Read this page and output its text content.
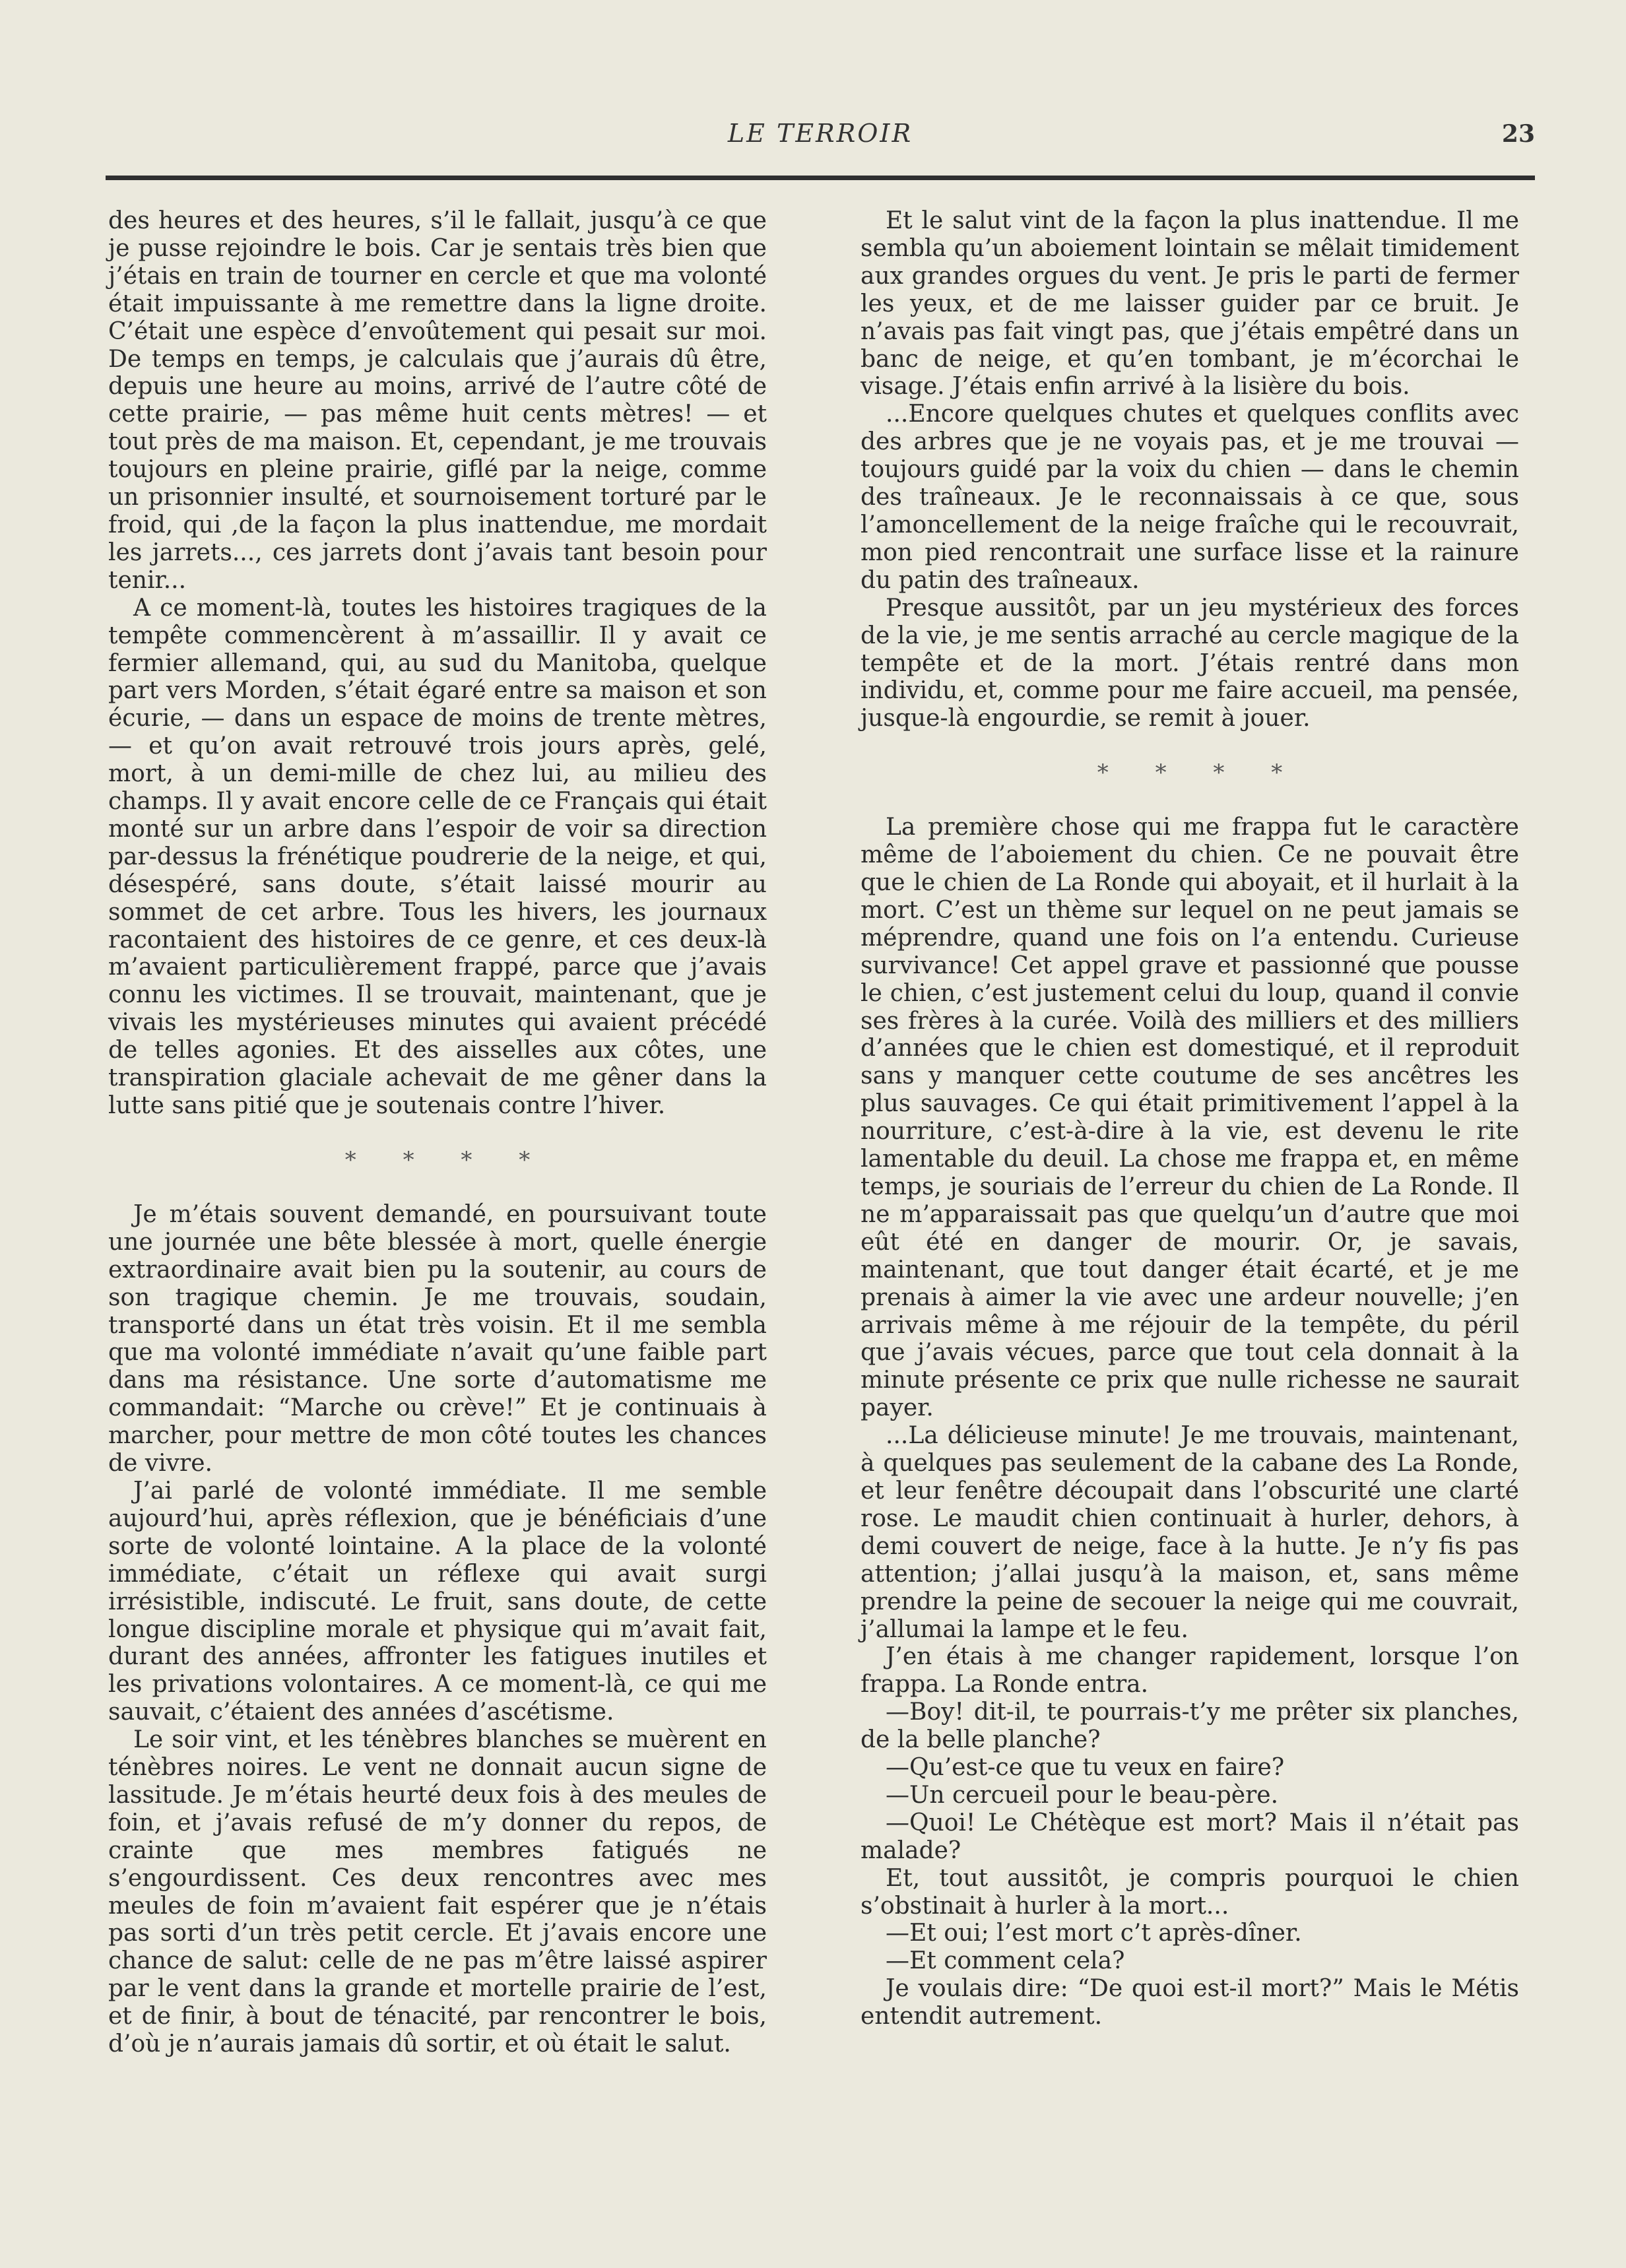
LE TERROIR	23

des heures et des heures, s’il le fallait, jusqu’à ce que je pusse rejoindre le bois. Car je sentais très bien que j’étais en train de tourner en cercle et que ma volonté était impuissante à me remettre dans la ligne droite. C’était une espèce d’envoûtement qui pesait sur moi. De temps en temps, je calculais que j’aurais dû être, depuis une heure au moins, arrivé de l’autre côté de cette prairie, — pas même huit cents mètres! — et tout près de ma maison. Et, cependant, je me trouvais toujours en pleine prairie, giflé par la neige, comme un prisonnier insulté, et sournoisement torturé par le froid, qui ,de la façon la plus inattendue, me mordait les jarrets..., ces jarrets dont j’avais tant besoin pour tenir...

A ce moment-là, toutes les histoires tragiques de la tempête commencèrent à m’assaillir. Il y avait ce fermier allemand, qui, au sud du Manitoba, quelque part vers Morden, s’était égaré entre sa maison et son écurie, — dans un espace de moins de trente mètres, — et qu’on avait retrouvé trois jours après, gelé, mort, à un demi-mille de chez lui, au milieu des champs. Il y avait encore celle de ce Français qui était monté sur un arbre dans l’espoir de voir sa direction par-dessus la frénétique poudrerie de la neige, et qui, désespéré, sans doute, s’était laissé mourir au sommet de cet arbre. Tous les hivers, les journaux racontaient des histoires de ce genre, et ces deux-là m’avaient particulièrement frappé, parce que j’avais connu les victimes. Il se trouvait, maintenant, que je vivais les mystérieuses minutes qui avaient précédé de telles agonies. Et des aisselles aux côtes, une transpiration glaciale achevait de me gêner dans la lutte sans pitié que je soutenais contre l’hiver.

* * * *

Je m’étais souvent demandé, en poursuivant toute une journée une bête blessée à mort, quelle énergie extraordinaire avait bien pu la soutenir, au cours de son tragique chemin. Je me trouvais, soudain, transporté dans un état très voisin. Et il me sembla que ma volonté immédiate n’avait qu’une faible part dans ma résistance. Une sorte d’automatisme me commandait: “Marche ou crève!” Et je continuais à marcher, pour mettre de mon côté toutes les chances de vivre.

J’ai parlé de volonté immédiate. Il me semble aujourd’hui, après réflexion, que je bénéficiais d’une sorte de volonté lointaine. A la place de la volonté immédiate, c’était un réflexe qui avait surgi irrésistible, indiscuté. Le fruit, sans doute, de cette longue discipline morale et physique qui m’avait fait, durant des années, affronter les fatigues inutiles et les privations volontaires. A ce moment-là, ce qui me sauvait, c’étaient des années d’ascétisme.

Le soir vint, et les ténèbres blanches se muèrent en ténèbres noires. Le vent ne donnait aucun signe de lassitude. Je m’étais heurté deux fois à des meules de foin, et j’avais refusé de m’y donner du repos, de crainte que mes membres fatigués ne s’engourdissent. Ces deux rencontres avec mes meules de foin m’avaient fait espérer que je n’étais pas sorti d’un très petit cercle. Et j’avais encore une chance de salut: celle de ne pas m’être laissé aspirer par le vent dans la grande et mortelle prairie de l’est, et de finir, à bout de ténacité, par rencontrer le bois, d’où je n’aurais jamais dû sortir, et où était le salut.

Et le salut vint de la façon la plus inattendue. Il me sembla qu’un aboiement lointain se mêlait timidement aux grandes orgues du vent. Je pris le parti de fermer les yeux, et de me laisser guider par ce bruit. Je n’avais pas fait vingt pas, que j’étais empêtré dans un banc de neige, et qu’en tombant, je m’écorchai le visage. J’étais enfin arrivé à la lisière du bois.

...Encore quelques chutes et quelques conflits avec des arbres que je ne voyais pas, et je me trouvai — toujours guidé par la voix du chien — dans le chemin des traîneaux. Je le reconnaissais à ce que, sous l’amoncellement de la neige fraîche qui le recouvrait, mon pied rencontrait une surface lisse et la rainure du patin des traîneaux.

Presque aussitôt, par un jeu mystérieux des forces de la vie, je me sentis arraché au cercle magique de la tempête et de la mort. J’étais rentré dans mon individu, et, comme pour me faire accueil, ma pensée, jusque-là engourdie, se remit à jouer.

* * * *

La première chose qui me frappa fut le caractère même de l’aboiement du chien. Ce ne pouvait être que le chien de La Ronde qui aboyait, et il hurlait à la mort. C’est un thème sur lequel on ne peut jamais se méprendre, quand une fois on l’a entendu. Curieuse survivance! Cet appel grave et passionné que pousse le chien, c’est justement celui du loup, quand il convie ses frères à la curée. Voilà des milliers et des milliers d’années que le chien est domestiqué, et il reproduit sans y manquer cette coutume de ses ancêtres les plus sauvages. Ce qui était primitivement l’appel à la nourriture, c’est-à-dire à la vie, est devenu le rite lamentable du deuil. La chose me frappa et, en même temps, je souriais de l’erreur du chien de La Ronde. Il ne m’apparaissait pas que quelqu’un d’autre que moi eût été en danger de mourir. Or, je savais, maintenant, que tout danger était écarté, et je me prenais à aimer la vie avec une ardeur nouvelle; j’en arrivais même à me réjouir de la tempête, du péril que j’avais vécues, parce que tout cela donnait à la minute présente ce prix que nulle richesse ne saurait payer.

...La délicieuse minute! Je me trouvais, maintenant, à quelques pas seulement de la cabane des La Ronde, et leur fenêtre découpait dans l’obscurité une clarté rose. Le maudit chien continuait à hurler, dehors, à demi couvert de neige, face à la hutte. Je n’y fis pas attention; j’allai jusqu’à la maison, et, sans même prendre la peine de secouer la neige qui me couvrait, j’allumai la lampe et le feu.

J’en étais à me changer rapidement, lorsque l’on frappa. La Ronde entra.

—Boy! dit-il, te pourrais-t’y me prêter six planches, de la belle planche?

—Qu’est-ce que tu veux en faire?

—Un cercueil pour le beau-père.

—Quoi! Le Chétèque est mort? Mais il n’était pas malade?

Et, tout aussitôt, je compris pourquoi le chien s’obstinait à hurler à la mort...

—Et oui; l’est mort c’t après-dîner.

—Et comment cela?

Je voulais dire: “De quoi est-il mort?” Mais le Métis entendit autrement.
